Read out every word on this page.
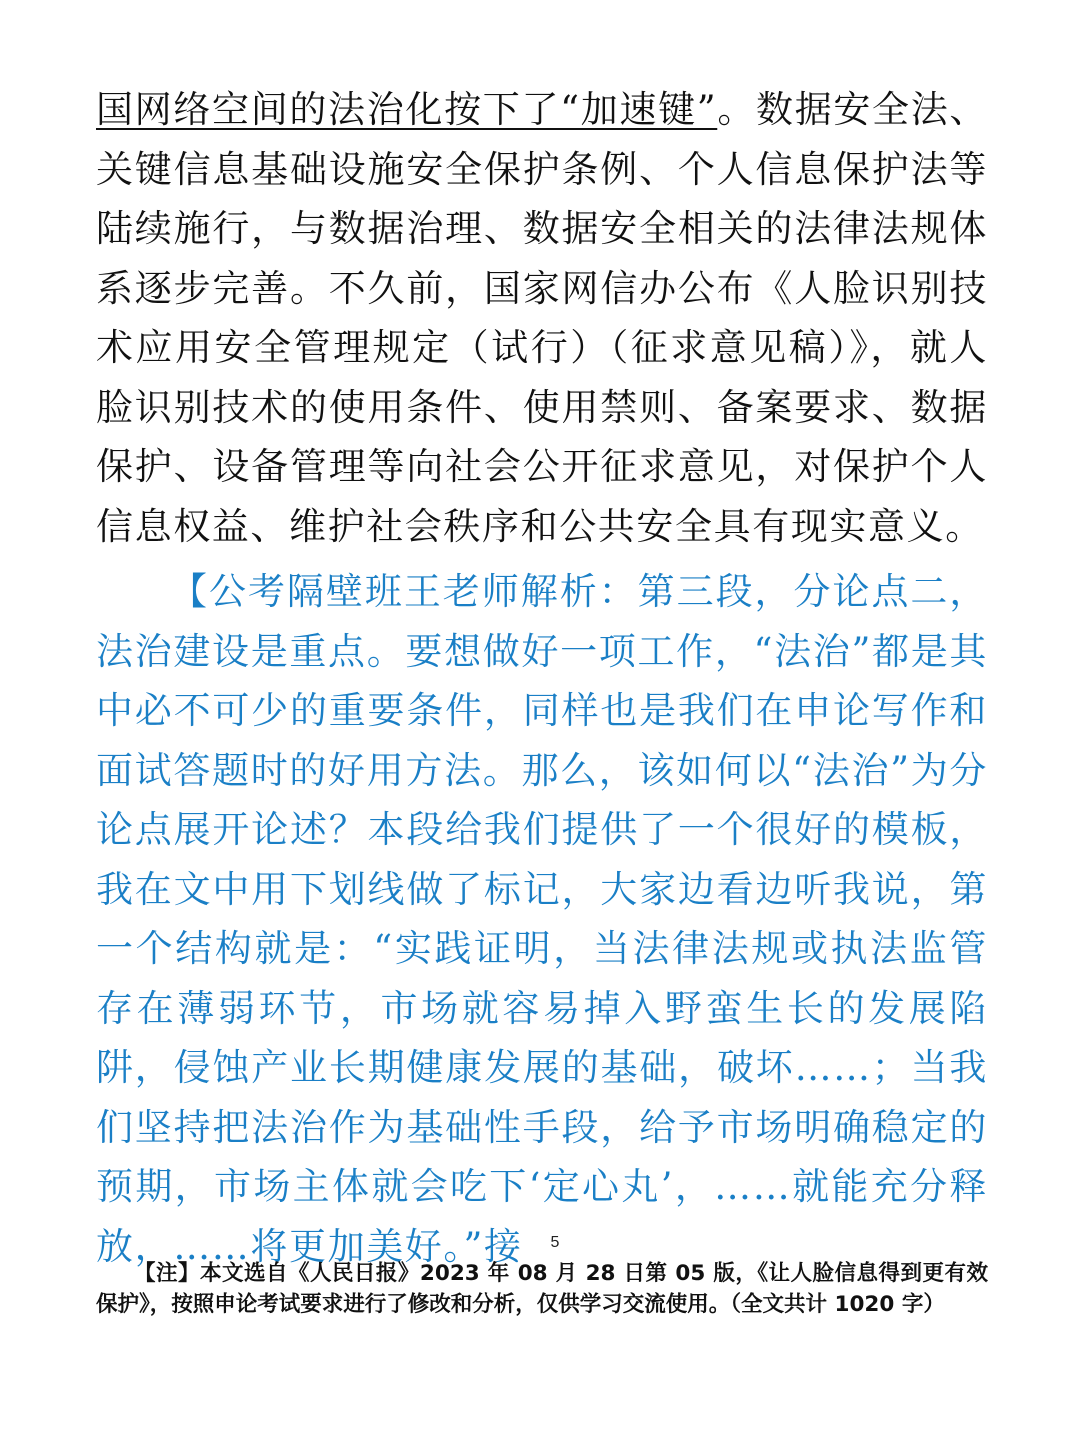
国网络空间的法治化按下了“加速键”。数据安全法、关键信息基础设施安全保护条例、个人信息保护法等陆续施行，与数据治理、数据安全相关的法律法规体系逐步完善。不久前，国家网信办公布《人脸识别技术应用安全管理规定（试行）（征求意见稿）》，就人脸识别技术的使用条件、使用禁则、备案要求、数据保护、设备管理等向社会公开征求意见，对保护个人信息权益、维护社会秩序和公共安全具有现实意义。

【公考隔壁班王老师解析：第三段，分论点二，法治建设是重点。要想做好一项工作，“法治”都是其中必不可少的重要条件，同样也是我们在申论写作和面试答题时的好用方法。那么，该如何以“法治”为分论点展开论述？本段给我们提供了一个很好的模板，我在文中用下划线做了标记，大家边看边听我说，第一个结构就是：“实践证明，当法律法规或执法监管存在薄弱环节，市场就容易掉入野蛮生长的发展陷阱，侵蚀产业长期健康发展的基础，破坏……；当我们坚持把法治作为基础性手段，给予市场明确稳定的预期，市场主体就会吃下‘定心丸’，……就能充分释放，……将更加美好。”接	5

【注】本文选自《人民日报》2023 年 08 月 28 日第 05 版，《让人脸信息得到更有效保护》，按照申论考试要求进行了修改和分析，仅供学习交流使用。（全文共计 1020 字）
